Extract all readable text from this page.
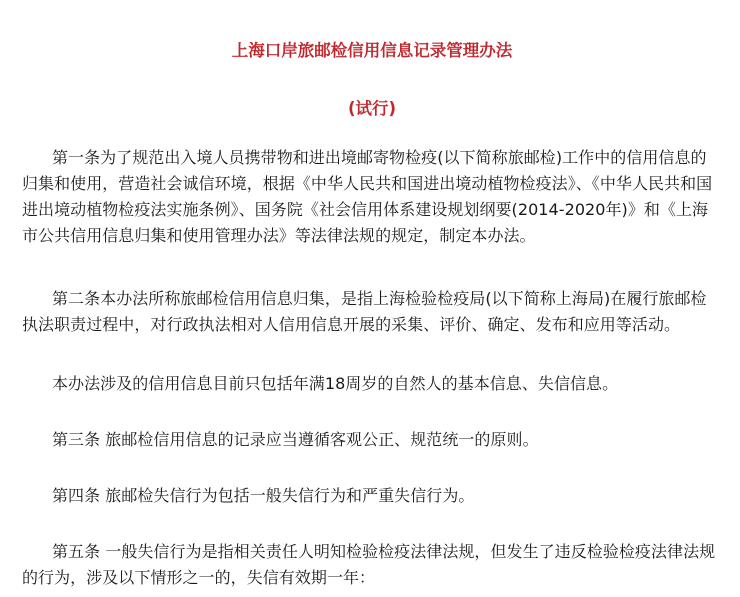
上海口岸旅邮检信用信息记录管理办法
(试行)

第一条为了规范出入境人员携带物和进出境邮寄物检疫(以下简称旅邮检)工作中的信用信息的归集和使用，营造社会诚信环境，根据《中华人民共和国进出境动植物检疫法》、《中华人民共和国进出境动植物检疫法实施条例》、国务院《社会信用体系建设规划纲要(2014-2020年)》和《上海市公共信用信息归集和使用管理办法》等法律法规的规定，制定本办法。

第二条本办法所称旅邮检信用信息归集，是指上海检验检疫局(以下简称上海局)在履行旅邮检执法职责过程中，对行政执法相对人信用信息开展的采集、评价、确定、发布和应用等活动。

本办法涉及的信用信息目前只包括年满18周岁的自然人的基本信息、失信信息。

第三条 旅邮检信用信息的记录应当遵循客观公正、规范统一的原则。

第四条 旅邮检失信行为包括一般失信行为和严重失信行为。

第五条 一般失信行为是指相关责任人明知检验检疫法律法规，但发生了违反检验检疫法律法规的行为，涉及以下情形之一的，失信有效期一年：
